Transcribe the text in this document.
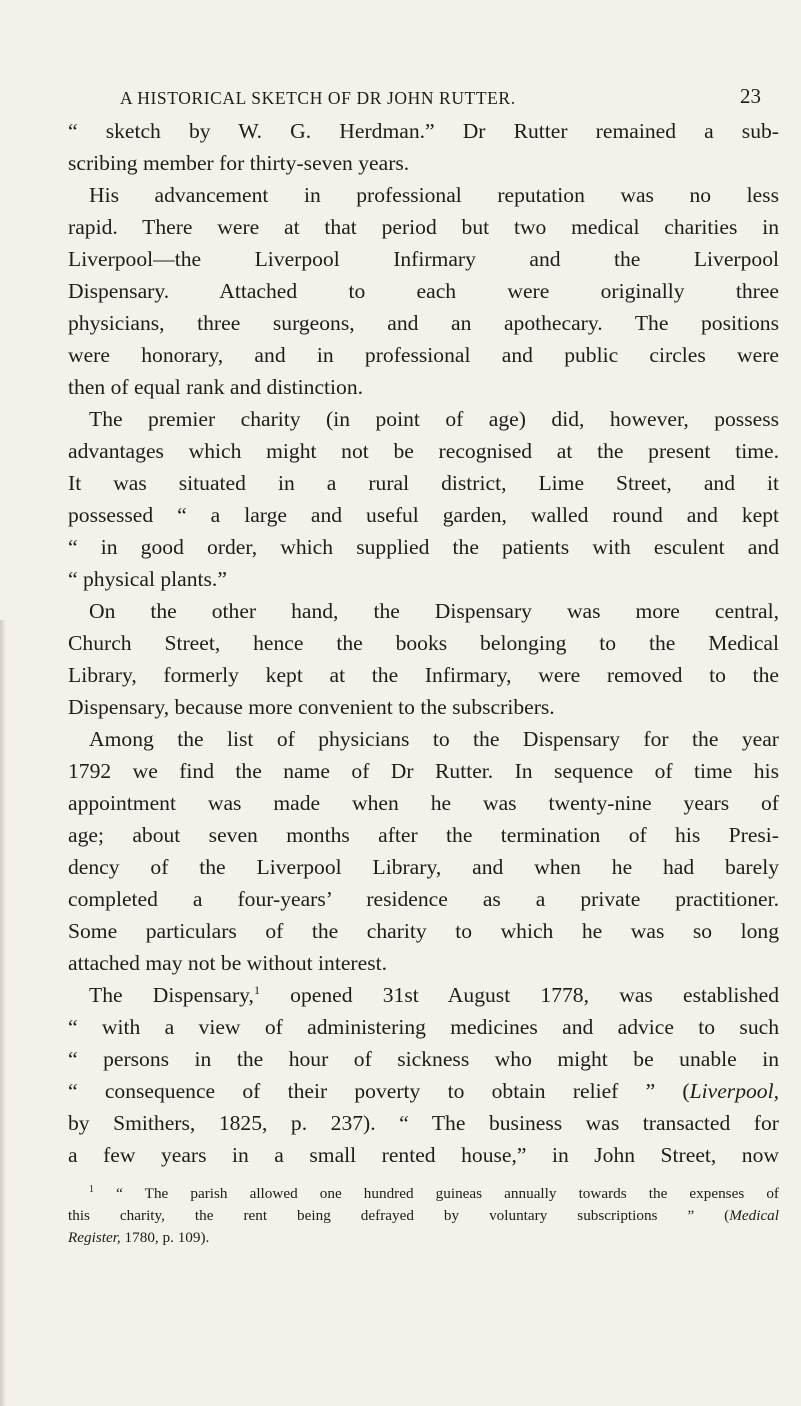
A HISTORICAL SKETCH OF DR JOHN RUTTER.	23
“ sketch by W. G. Herdman.” Dr Rutter remained a sub-
scribing member for thirty-seven years.
His advancement in professional reputation was no less
rapid. There were at that period but two medical charities in
Liverpool—the Liverpool Infirmary and the Liverpool
Dispensary. Attached to each were originally three
physicians, three surgeons, and an apothecary. The positions
were honorary, and in professional and public circles were
then of equal rank and distinction.
The premier charity (in point of age) did, however, possess
advantages which might not be recognised at the present time.
It was situated in a rural district, Lime Street, and it
possessed “ a large and useful garden, walled round and kept
“ in good order, which supplied the patients with esculent and
“ physical plants.”
On the other hand, the Dispensary was more central,
Church Street, hence the books belonging to the Medical
Library, formerly kept at the Infirmary, were removed to the
Dispensary, because more convenient to the subscribers.
Among the list of physicians to the Dispensary for the year
1792 we find the name of Dr Rutter. In sequence of time his
appointment was made when he was twenty-nine years of
age; about seven months after the termination of his Presi-
dency of the Liverpool Library, and when he had barely
completed a four-years’ residence as a private practitioner.
Some particulars of the charity to which he was so long
attached may not be without interest.
The Dispensary,$^1$ opened 31st August 1778, was established
“ with a view of administering medicines and advice to such
“ persons in the hour of sickness who might be unable in
“ consequence of their poverty to obtain relief ” (Liverpool,
by Smithers, 1825, p. 237). “ The business was transacted for
a few years in a small rented house,” in John Street, now
$^1$ “ The parish allowed one hundred guineas annually towards the expenses of
this charity, the rent being defrayed by voluntary subscriptions ” (Medical
Register, 1780, p. 109).
